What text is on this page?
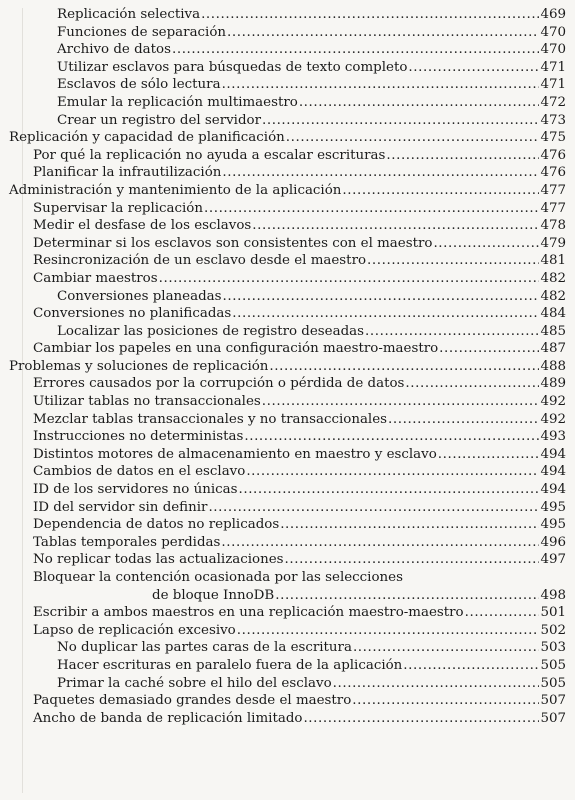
Replicación selectiva .....	469
Funciones de separación .....	470
Archivo de datos .....	470
Utilizar esclavos para búsquedas de texto completo .....	471
Esclavos de sólo lectura .....	471
Emular la replicación multimaestro .....	472
Crear un registro del servidor .....	473
Replicación y capacidad de planificación .....	475
Por qué la replicación no ayuda a escalar escrituras .....	476
Planificar la infrautilización .....	476
Administración y mantenimiento de la aplicación .....	477
Supervisar la replicación .....	477
Medir el desfase de los esclavos .....	478
Determinar si los esclavos son consistentes con el maestro .....	479
Resincronización de un esclavo desde el maestro .....	481
Cambiar maestros .....	482
Conversiones planeadas .....	482
Conversiones no planificadas .....	484
Localizar las posiciones de registro deseadas .....	485
Cambiar los papeles en una configuración maestro-maestro .....	487
Problemas y soluciones de replicación .....	488
Errores causados por la corrupción o pérdida de datos .....	489
Utilizar tablas no transaccionales .....	492
Mezclar tablas transaccionales y no transaccionales .....	492
Instrucciones no deterministas .....	493
Distintos motores de almacenamiento en maestro y esclavo .....	494
Cambios de datos en el esclavo .....	494
ID de los servidores no únicas .....	494
ID del servidor sin definir .....	495
Dependencia de datos no replicados .....	495
Tablas temporales perdidas .....	496
No replicar todas las actualizaciones .....	497
Bloquear la contención ocasionada por las selecciones
de bloque InnoDB .....	498
Escribir a ambos maestros en una replicación maestro-maestro .....	501
Lapso de replicación excesivo .....	502
No duplicar las partes caras de la escritura .....	503
Hacer escrituras en paralelo fuera de la aplicación .....	505
Primar la caché sobre el hilo del esclavo .....	505
Paquetes demasiado grandes desde el maestro .....	507
Ancho de banda de replicación limitado .....	507
